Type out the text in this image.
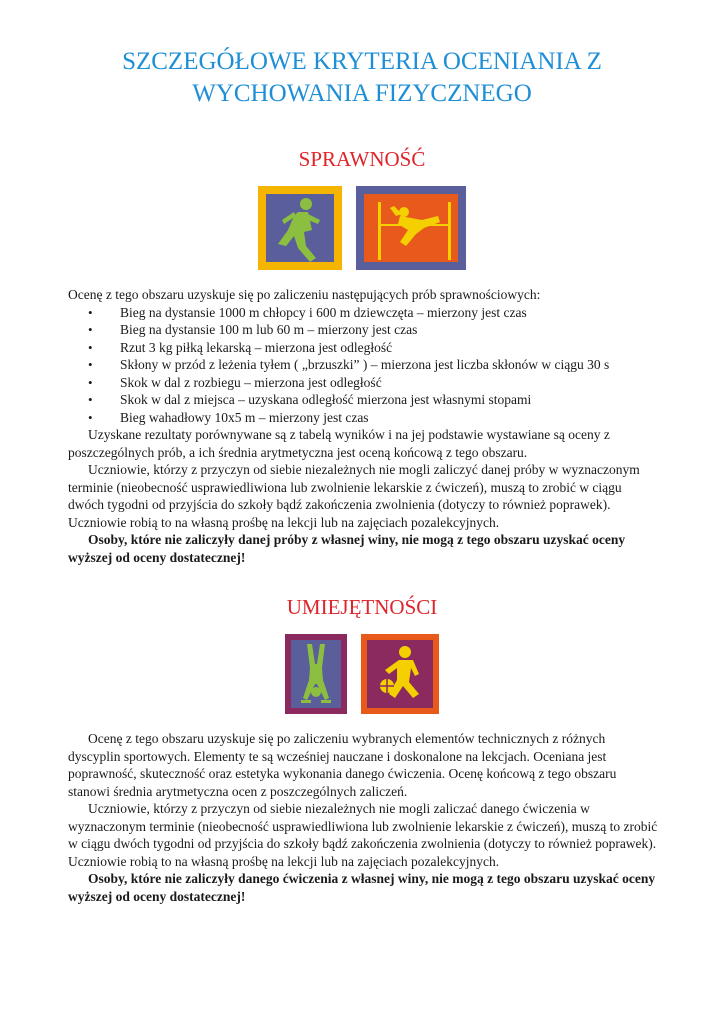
SZCZEGÓŁOWE KRYTERIA OCENIANIA Z
WYCHOWANIA FIZYCZNEGO
SPRAWNOŚĆ

Ocenę z tego obszaru uzyskuje się po zaliczeniu następujących prób sprawnościowych:

• Bieg na dystansie 1000 m chłopcy i 600 m dziewczęta – mierzony jest czas
• Bieg na dystansie 100 m lub 60 m – mierzony jest czas
• Rzut 3 kg piłką lekarską – mierzona jest odległość
• Skłony w przód z leżenia tyłem ( „brzuszki” ) – mierzona jest liczba skłonów w ciągu 30 s
• Skok w dal z rozbiegu – mierzona jest odległość
• Skok w dal z miejsca – uzyskana odległość mierzona jest własnymi stopami
• Bieg wahadłowy 10x5 m – mierzony jest czas

Uzyskane rezultaty porównywane są z tabelą wyników i na jej podstawie wystawiane są oceny z poszczególnych prób, a ich średnia arytmetyczna jest oceną końcową z tego obszaru.

Uczniowie, którzy z przyczyn od siebie niezależnych nie mogli zaliczyć danej próby w wyznaczonym terminie (nieobecność usprawiedliwiona lub zwolnienie lekarskie z ćwiczeń), muszą to zrobić w ciągu dwóch tygodni od przyjścia do szkoły bądź zakończenia zwolnienia (dotyczy to również poprawek). Uczniowie robią to na własną prośbę na lekcji lub na zajęciach pozalekcyjnych.

Osoby, które nie zaliczyły danej próby z własnej winy, nie mogą z tego obszaru uzyskać oceny wyższej od oceny dostatecznej!

UMIEJĘTNOŚCI

Ocenę z tego obszaru uzyskuje się po zaliczeniu wybranych elementów technicznych z różnych dyscyplin sportowych. Elementy te są wcześniej nauczane i doskonalone na lekcjach. Oceniana jest poprawność, skuteczność oraz estetyka wykonania danego ćwiczenia. Ocenę końcową z tego obszaru stanowi średnia arytmetyczna ocen z poszczególnych zaliczeń.

Uczniowie, którzy z przyczyn od siebie niezależnych nie mogli zaliczać danego ćwiczenia w wyznaczonym terminie (nieobecność usprawiedliwiona lub zwolnienie lekarskie z ćwiczeń), muszą to zrobić w ciągu dwóch tygodni od przyjścia do szkoły bądź zakończenia zwolnienia (dotyczy to również poprawek). Uczniowie robią to na własną prośbę na lekcji lub na zajęciach pozalekcyjnych.

Osoby, które nie zaliczyły danego ćwiczenia z własnej winy, nie mogą z tego obszaru uzyskać oceny wyższej od oceny dostatecznej!
